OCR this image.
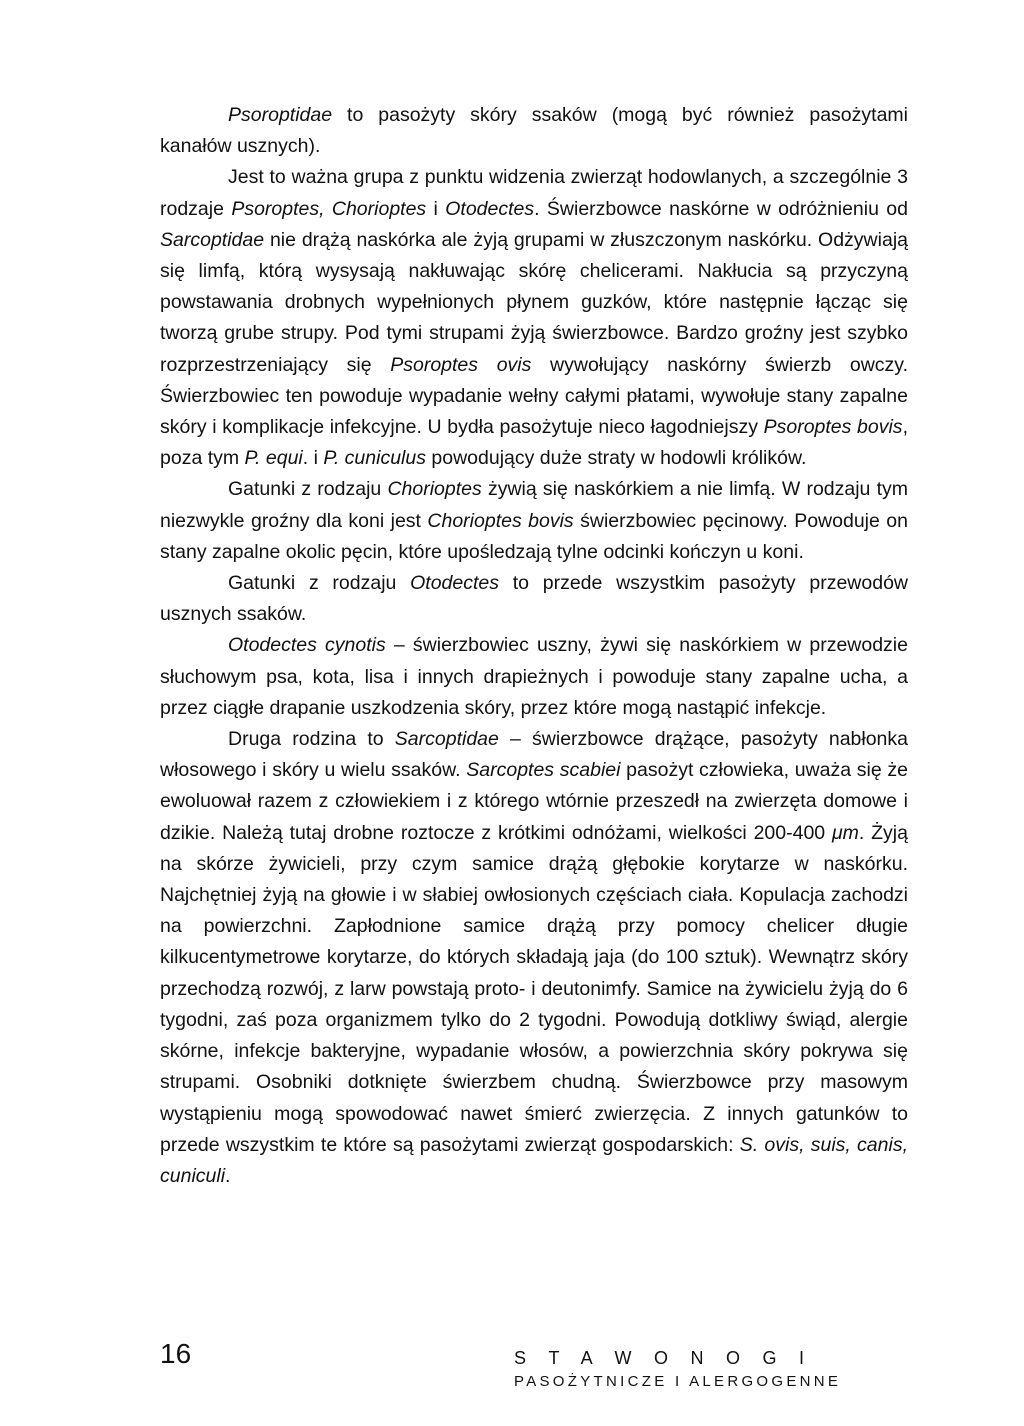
Psoroptidae to pasożyty skóry ssaków (mogą być również pasożytami kanałów usznych).

Jest to ważna grupa z punktu widzenia zwierząt hodowlanych, a szczególnie 3 rodzaje Psoroptes, Chorioptes i Otodectes. Świerzbowce naskórne w odróżnieniu od Sarcoptidae nie drążą naskórka ale żyją grupami w złuszczonym naskórku. Odżywiają się limfą, którą wysysają nakłuwając skórę chelicerami. Nakłucia są przyczyną powstawania drobnych wypełnionych płynem guzków, które następnie łącząc się tworzą grube strupy. Pod tymi strupami żyją świerzbowce. Bardzo groźny jest szybko rozprzestrzeniający się Psoroptes ovis wywołujący naskórny świerzb owczy. Świerzbowiec ten powoduje wypadanie wełny całymi płatami, wywołuje stany zapalne skóry i komplikacje infekcyjne. U bydła pasożytuje nieco łagodniejszy Psoroptes bovis, poza tym P. equi. i P. cuniculus powodujący duże straty w hodowli królików.

Gatunki z rodzaju Chorioptes żywią się naskórkiem a nie limfą. W rodzaju tym niezwykle groźny dla koni jest Chorioptes bovis świerzbowiec pęcinowy. Powoduje on stany zapalne okolic pęcin, które upośledzają tylne odcinki kończyn u koni.

Gatunki z rodzaju Otodectes to przede wszystkim pasożyty przewodów usznych ssaków.

Otodectes cynotis – świerzbowiec uszny, żywi się naskórkiem w przewodzie słuchowym psa, kota, lisa i innych drapieżnych i powoduje stany zapalne ucha, a przez ciągłe drapanie uszkodzenia skóry, przez które mogą nastąpić infekcje.

Druga rodzina to Sarcoptidae – świerzbowce drążące, pasożyty nabłonka włosowego i skóry u wielu ssaków. Sarcoptes scabiei pasożyt człowieka, uważa się że ewoluował razem z człowiekiem i z którego wtórnie przeszedł na zwierzęta domowe i dzikie. Należą tutaj drobne roztocze z krótkimi odnóżami, wielkości 200-400 μm. Żyją na skórze żywicieli, przy czym samice drążą głębokie korytarze w naskórku. Najchętniej żyją na głowie i w słabiej owłosionych częściach ciała. Kopulacja zachodzi na powierzchni. Zapłodnione samice drążą przy pomocy chelicer długie kilkucentymetrowe korytarze, do których składają jaja (do 100 sztuk). Wewnątrz skóry przechodzą rozwój, z larw powstają proto- i deutonimfy. Samice na żywicielu żyją do 6 tygodni, zaś poza organizmem tylko do 2 tygodni. Powodują dotkliwy świąd, alergie skórne, infekcje bakteryjne, wypadanie włosów, a powierzchnia skóry pokrywa się strupami. Osobniki dotknięte świerzbem chudną. Świerzbowce przy masowym wystąpieniu mogą spowodować nawet śmierć zwierzęcia. Z innych gatunków to przede wszystkim te które są pasożytami zwierząt gospodarskich: S. ovis, suis, canis, cuniculi.

16	STAWONOGI
PASOŻYTNICZE I ALERGOGENNE
